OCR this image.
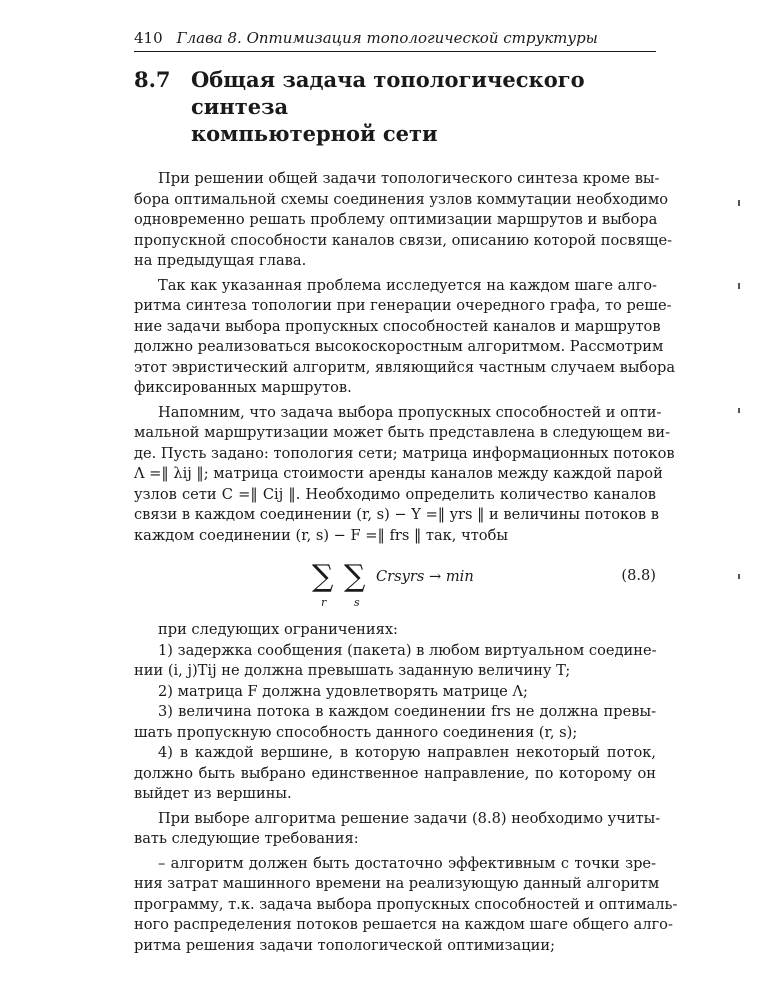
410 Глава 8. Оптимизация топологической структуры
8.7 Общая задача топологического синтеза
компьютерной сети
При решении общей задачи топологического синтеза кроме вы-
бора оптимальной схемы соединения узлов коммутации необходимо
одновременно решать проблему оптимизации маршрутов и выбора
пропускной способности каналов связи, описанию которой посвяще-
на предыдущая глава.
Так как указанная проблема исследуется на каждом шаге алго-
ритма синтеза топологии при генерации очередного графа, то реше-
ние задачи выбора пропускных способностей каналов и маршрутов
должно реализоваться высокоскоростным алгоритмом. Рассмотрим
этот эвристический алгоритм, являющийся частным случаем выбора
фиксированных маршрутов.
Напомним, что задача выбора пропускных способностей и опти-
мальной маршрутизации может быть представлена в следующем ви-
де. Пусть задано: топология сети; матрица информационных потоков
Λ =‖ λij ‖; матрица стоимости аренды каналов между каждой парой
узлов сети C =‖ Cij ‖. Необходимо определить количество каналов
связи в каждом соединении (r, s) − Y =‖ yrs ‖ и величины потоков в
каждом соединении (r, s) − F =‖ frs ‖ так, чтобы
∑ ∑
r	s
Crsyrs → min	(8.8)
при следующих ограничениях:
1) задержка сообщения (пакета) в любом виртуальном соедине-
нии (i, j)Tij не должна превышать заданную величину T;
2) матрица F должна удовлетворять матрице Λ;
3) величина потока в каждом соединении frs не должна превы-
шать пропускную способность данного соединения (r, s);
4) в каждой вершине, в которую направлен некоторый поток,
должно быть выбрано единственное направление, по которому он
выйдет из вершины.
При выборе алгоритма решение задачи (8.8) необходимо учиты-
вать следующие требования:
– алгоритм должен быть достаточно эффективным с точки зре-
ния затрат машинного времени на реализующую данный алгоритм
программу, т.к. задача выбора пропускных способностей и оптималь-
ного распределения потоков решается на каждом шаге общего алго-
ритма решения задачи топологической оптимизации;
